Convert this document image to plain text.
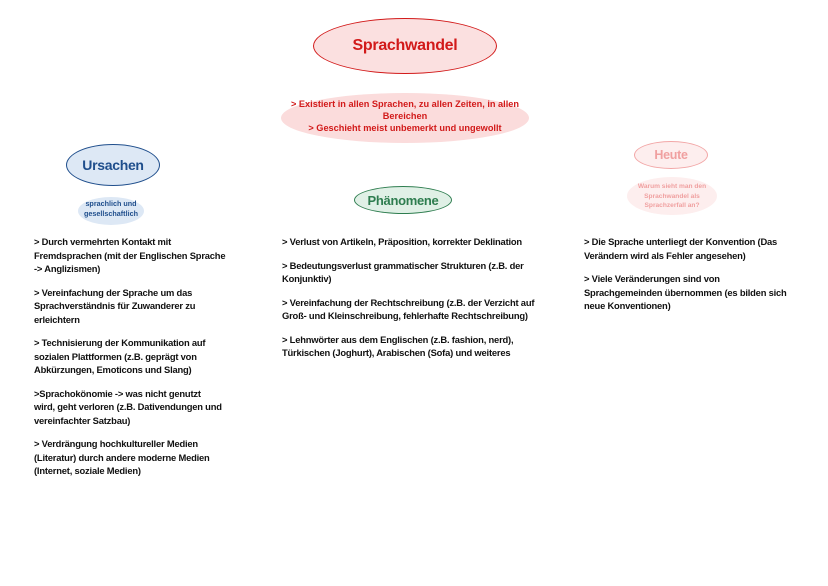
Sprachwandel
> Existiert in allen Sprachen, zu allen Zeiten, in allen
Bereichen
> Geschieht meist unbemerkt und ungewollt
Ursachen
sprachlich und
gesellschaftlich
Phänomene
Heute
Warum sieht man den
Sprachwandel als
Sprachzerfall an?

> Durch vermehrten Kontakt mit
Fremdsprachen (mit der Englischen Sprache
-> Anglizismen)

> Vereinfachung der Sprache um das
Sprachverständnis für Zuwanderer zu
erleichtern

> Technisierung der Kommunikation auf
sozialen Plattformen (z.B. geprägt von
Abkürzungen, Emoticons und Slang)

>Sprachokönomie -> was nicht genutzt
wird, geht verloren (z.B. Dativendungen und
vereinfachter Satzbau)

> Verdrängung hochkultureller Medien
(Literatur) durch andere moderne Medien
(Internet, soziale Medien)

> Verlust von Artikeln, Präposition, korrekter Deklination

> Bedeutungsverlust grammatischer Strukturen (z.B. der
Konjunktiv)

> Vereinfachung der Rechtschreibung (z.B. der Verzicht auf
Groß- und Kleinschreibung, fehlerhafte Rechtschreibung)

> Lehnwörter aus dem Englischen (z.B. fashion, nerd),
Türkischen (Joghurt), Arabischen (Sofa) und weiteres

> Die Sprache unterliegt der Konvention (Das
Verändern wird als Fehler angesehen)

> Viele Veränderungen sind von
Sprachgemeinden übernommen (es bilden sich
neue Konventionen)
